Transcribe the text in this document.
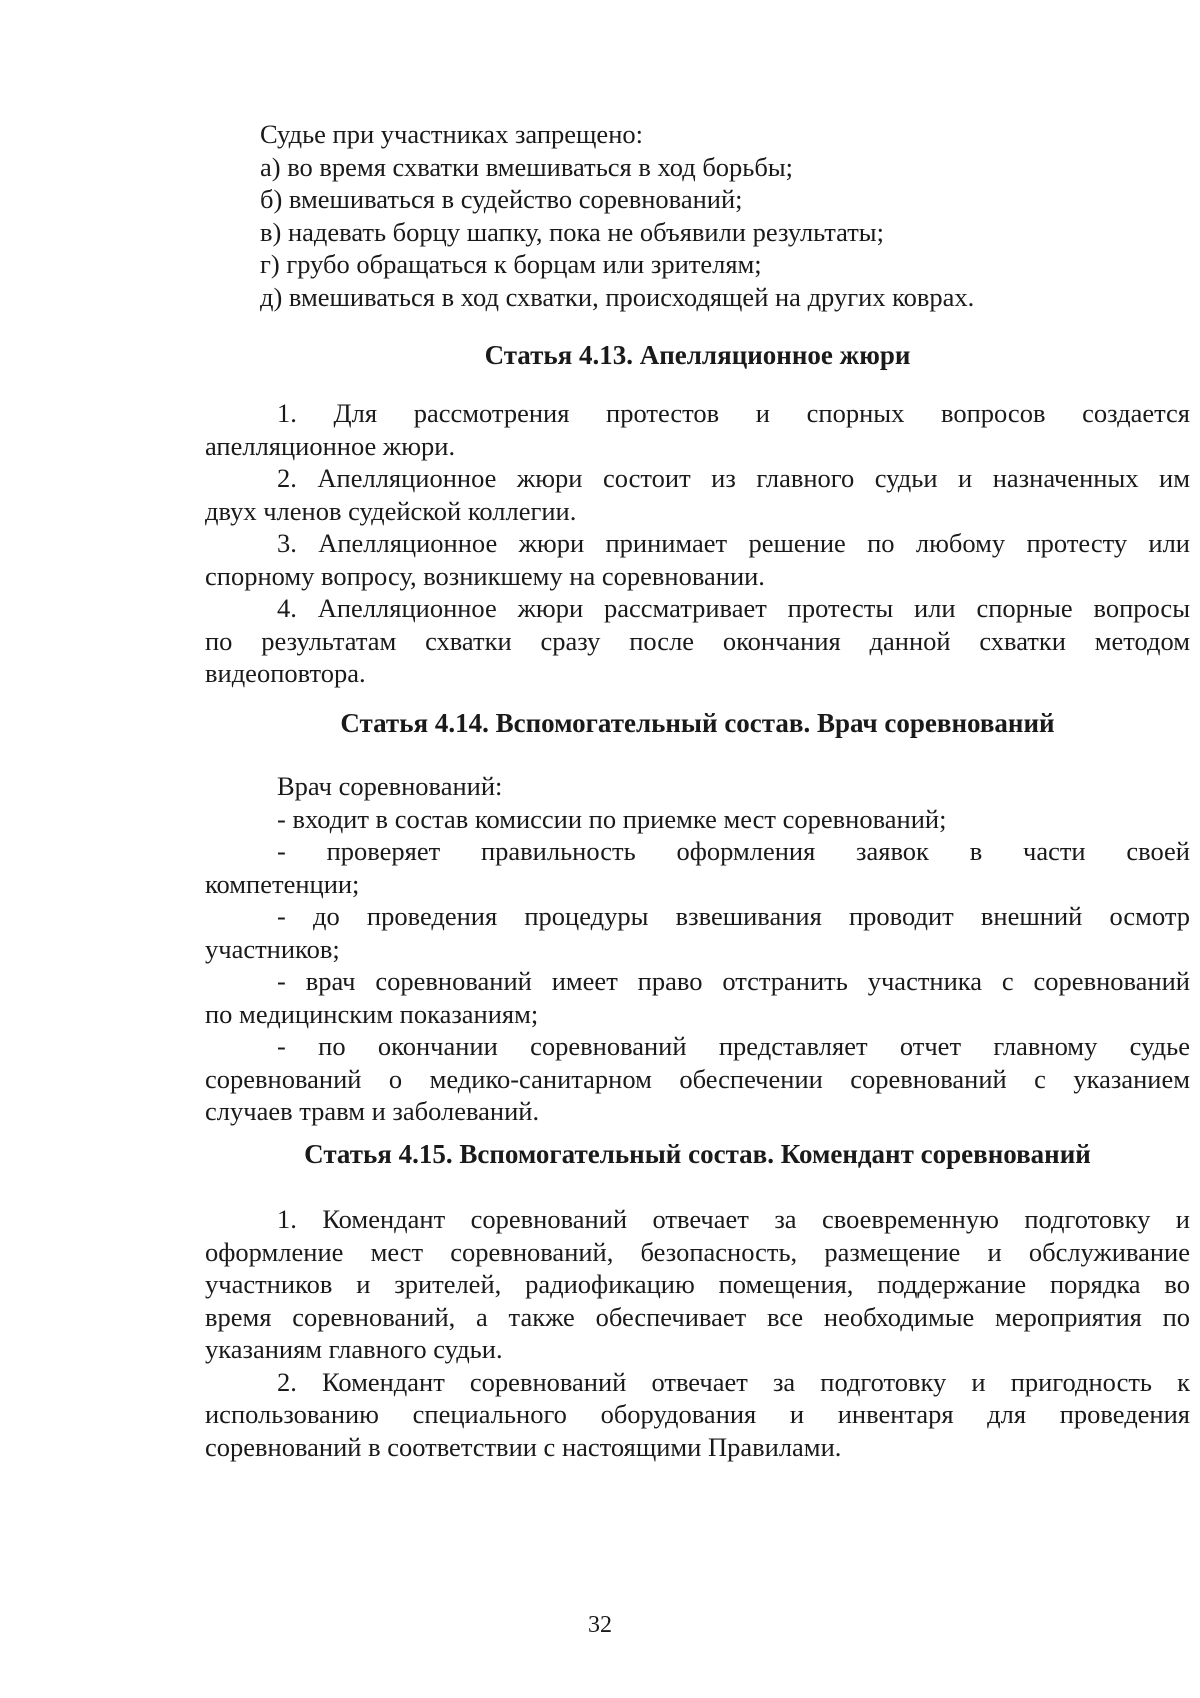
Судье при участниках запрещено:
а) во время схватки вмешиваться в ход борьбы;
б) вмешиваться в судейство соревнований;
в) надевать борцу шапку, пока не объявили результаты;
г) грубо обращаться к борцам или зрителям;
д) вмешиваться в ход схватки, происходящей на других коврах.
Статья 4.13. Апелляционное жюри
1. Для рассмотрения протестов и спорных вопросов создается
апелляционное жюри.
2. Апелляционное жюри состоит из главного судьи и назначенных им
двух членов судейской коллегии.
3. Апелляционное жюри принимает решение по любому протесту или
спорному вопросу, возникшему на соревновании.
4. Апелляционное жюри рассматривает протесты или спорные вопросы
по результатам схватки сразу после окончания данной схватки методом
видеоповтора.
Статья 4.14. Вспомогательный состав. Врач соревнований
Врач соревнований:
- входит в состав комиссии по приемке мест соревнований;
- проверяет правильность оформления заявок в части своей
компетенции;
- до проведения процедуры взвешивания проводит внешний осмотр
участников;
- врач соревнований имеет право отстранить участника с соревнований
по медицинским показаниям;
- по окончании соревнований представляет отчет главному судье
соревнований о медико-санитарном обеспечении соревнований с указанием
случаев травм и заболеваний.
Статья 4.15. Вспомогательный состав. Комендант соревнований
1. Комендант соревнований отвечает за своевременную подготовку и
оформление мест соревнований, безопасность, размещение и обслуживание
участников и зрителей, радиофикацию помещения, поддержание порядка во
время соревнований, а также обеспечивает все необходимые мероприятия по
указаниям главного судьи.
2. Комендант соревнований отвечает за подготовку и пригодность к
использованию специального оборудования и инвентаря для проведения
соревнований в соответствии с настоящими Правилами.
32
